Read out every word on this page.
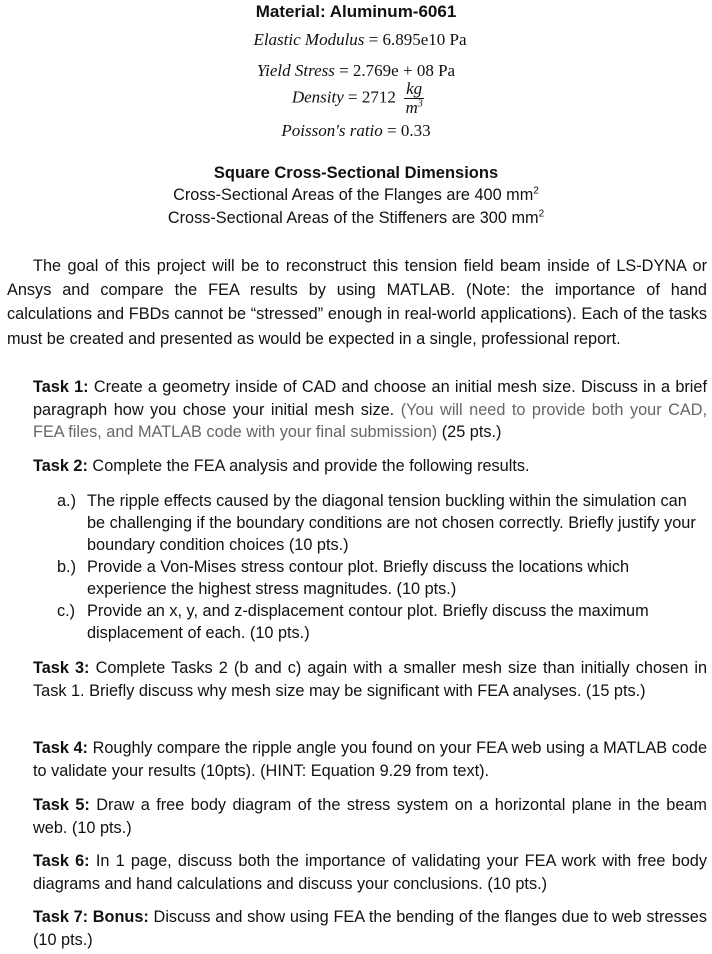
Material: Aluminum-6061
Elastic Modulus = 6.895e10 Pa
Yield Stress = 2.769e + 08 Pa
Density = $2712 \frac{kg}{m^3}$
Poisson's ratio = 0.33
Square Cross-Sectional Dimensions
Cross-Sectional Areas of the Flanges are 400 $mm^2$
Cross-Sectional Areas of the Stiffeners are 300 $mm^2$
The goal of this project will be to reconstruct this tension field beam inside of LS-DYNA or Ansys and compare the FEA results by using MATLAB. (Note: the importance of hand calculations and FBDs cannot be “stressed” enough in real-world applications). Each of the tasks must be created and presented as would be expected in a single, professional report.
Task 1: Create a geometry inside of CAD and choose an initial mesh size. Discuss in a brief paragraph how you chose your initial mesh size. (You will need to provide both your CAD, FEA files, and MATLAB code with your final submission) (25 pts.)
Task 2: Complete the FEA analysis and provide the following results.
a.) The ripple effects caused by the diagonal tension buckling within the simulation can be challenging if the boundary conditions are not chosen correctly. Briefly justify your boundary condition choices (10 pts.)
b.) Provide a Von-Mises stress contour plot. Briefly discuss the locations which experience the highest stress magnitudes. (10 pts.)
c.) Provide an x, y, and z-displacement contour plot. Briefly discuss the maximum displacement of each. (10 pts.)
Task 3: Complete Tasks 2 (b and c) again with a smaller mesh size than initially chosen in Task 1. Briefly discuss why mesh size may be significant with FEA analyses. (15 pts.)
Task 4: Roughly compare the ripple angle you found on your FEA web using a MATLAB code to validate your results (10pts). (HINT: Equation 9.29 from text).
Task 5: Draw a free body diagram of the stress system on a horizontal plane in the beam web. (10 pts.)
Task 6: In 1 page, discuss both the importance of validating your FEA work with free body diagrams and hand calculations and discuss your conclusions. (10 pts.)
Task 7: Bonus: Discuss and show using FEA the bending of the flanges due to web stresses (10 pts.)
